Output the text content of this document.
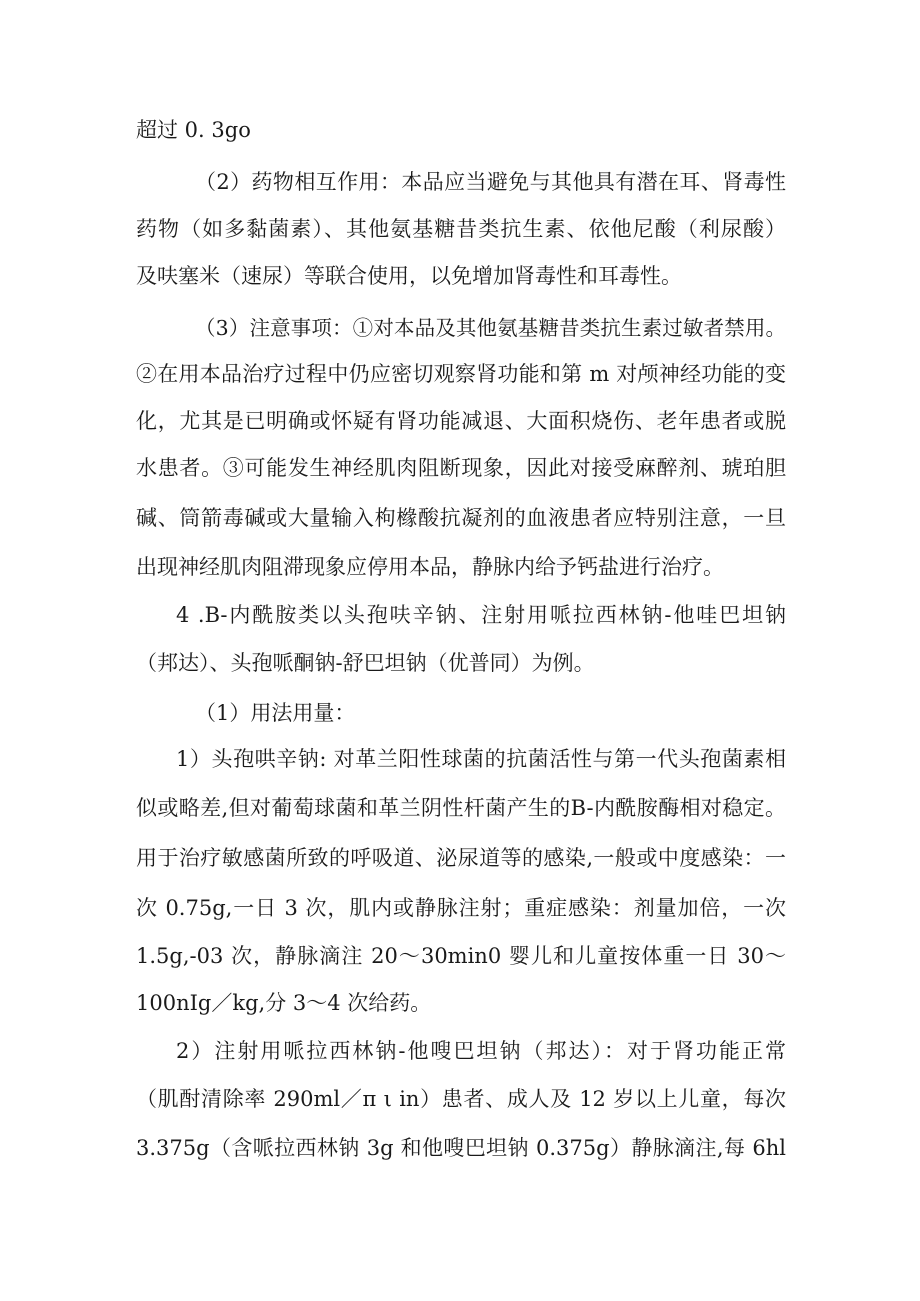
超过 0. 3go
（2）药物相互作用：本品应当避免与其他具有潜在耳、肾毒性
药物（如多黏菌素）、其他氨基糖昔类抗生素、依他尼酸（利尿酸）
及呋塞米（速尿）等联合使用，以免增加肾毒性和耳毒性。
（3）注意事项：①对本品及其他氨基糖昔类抗生素过敏者禁用。
②在用本品治疗过程中仍应密切观察肾功能和第 m 对颅神经功能的变
化，尤其是已明确或怀疑有肾功能减退、大面积烧伤、老年患者或脱
水患者。③可能发生神经肌肉阻断现象，因此对接受麻醉剂、琥珀胆
碱、筒箭毒碱或大量输入枸橼酸抗凝剂的血液患者应特别注意，一旦
出现神经肌肉阻滞现象应停用本品，静脉内给予钙盐进行治疗。
4 .B-内酰胺类以头孢呋辛钠、注射用哌拉西林钠-他哇巴坦钠
（邦达）、头孢哌酮钠-舒巴坦钠（优普同）为例。
（1）用法用量：
1）头孢哄辛钠: 对革兰阳性球菌的抗菌活性与第一代头孢菌素相
似或略差,但对葡萄球菌和革兰阴性杆菌产生的B-内酰胺酶相对稳定。
用于治疗敏感菌所致的呼吸道、泌尿道等的感染,一般或中度感染：一
次 0.75g,一日 3 次，肌内或静脉注射；重症感染：剂量加倍，一次
1.5g,-03 次，静脉滴注 20～30min0 婴儿和儿童按体重一日 30～
100nIg／kg,分 3～4 次给药。
2）注射用哌拉西林钠-他嗖巴坦钠（邦达）：对于肾功能正常
（肌酎清除率 290ml／π ι in）患者、成人及 12 岁以上儿童，每次
3.375g（含哌拉西林钠 3g 和他嗖巴坦钠 0.375g）静脉滴注,每 6hl
